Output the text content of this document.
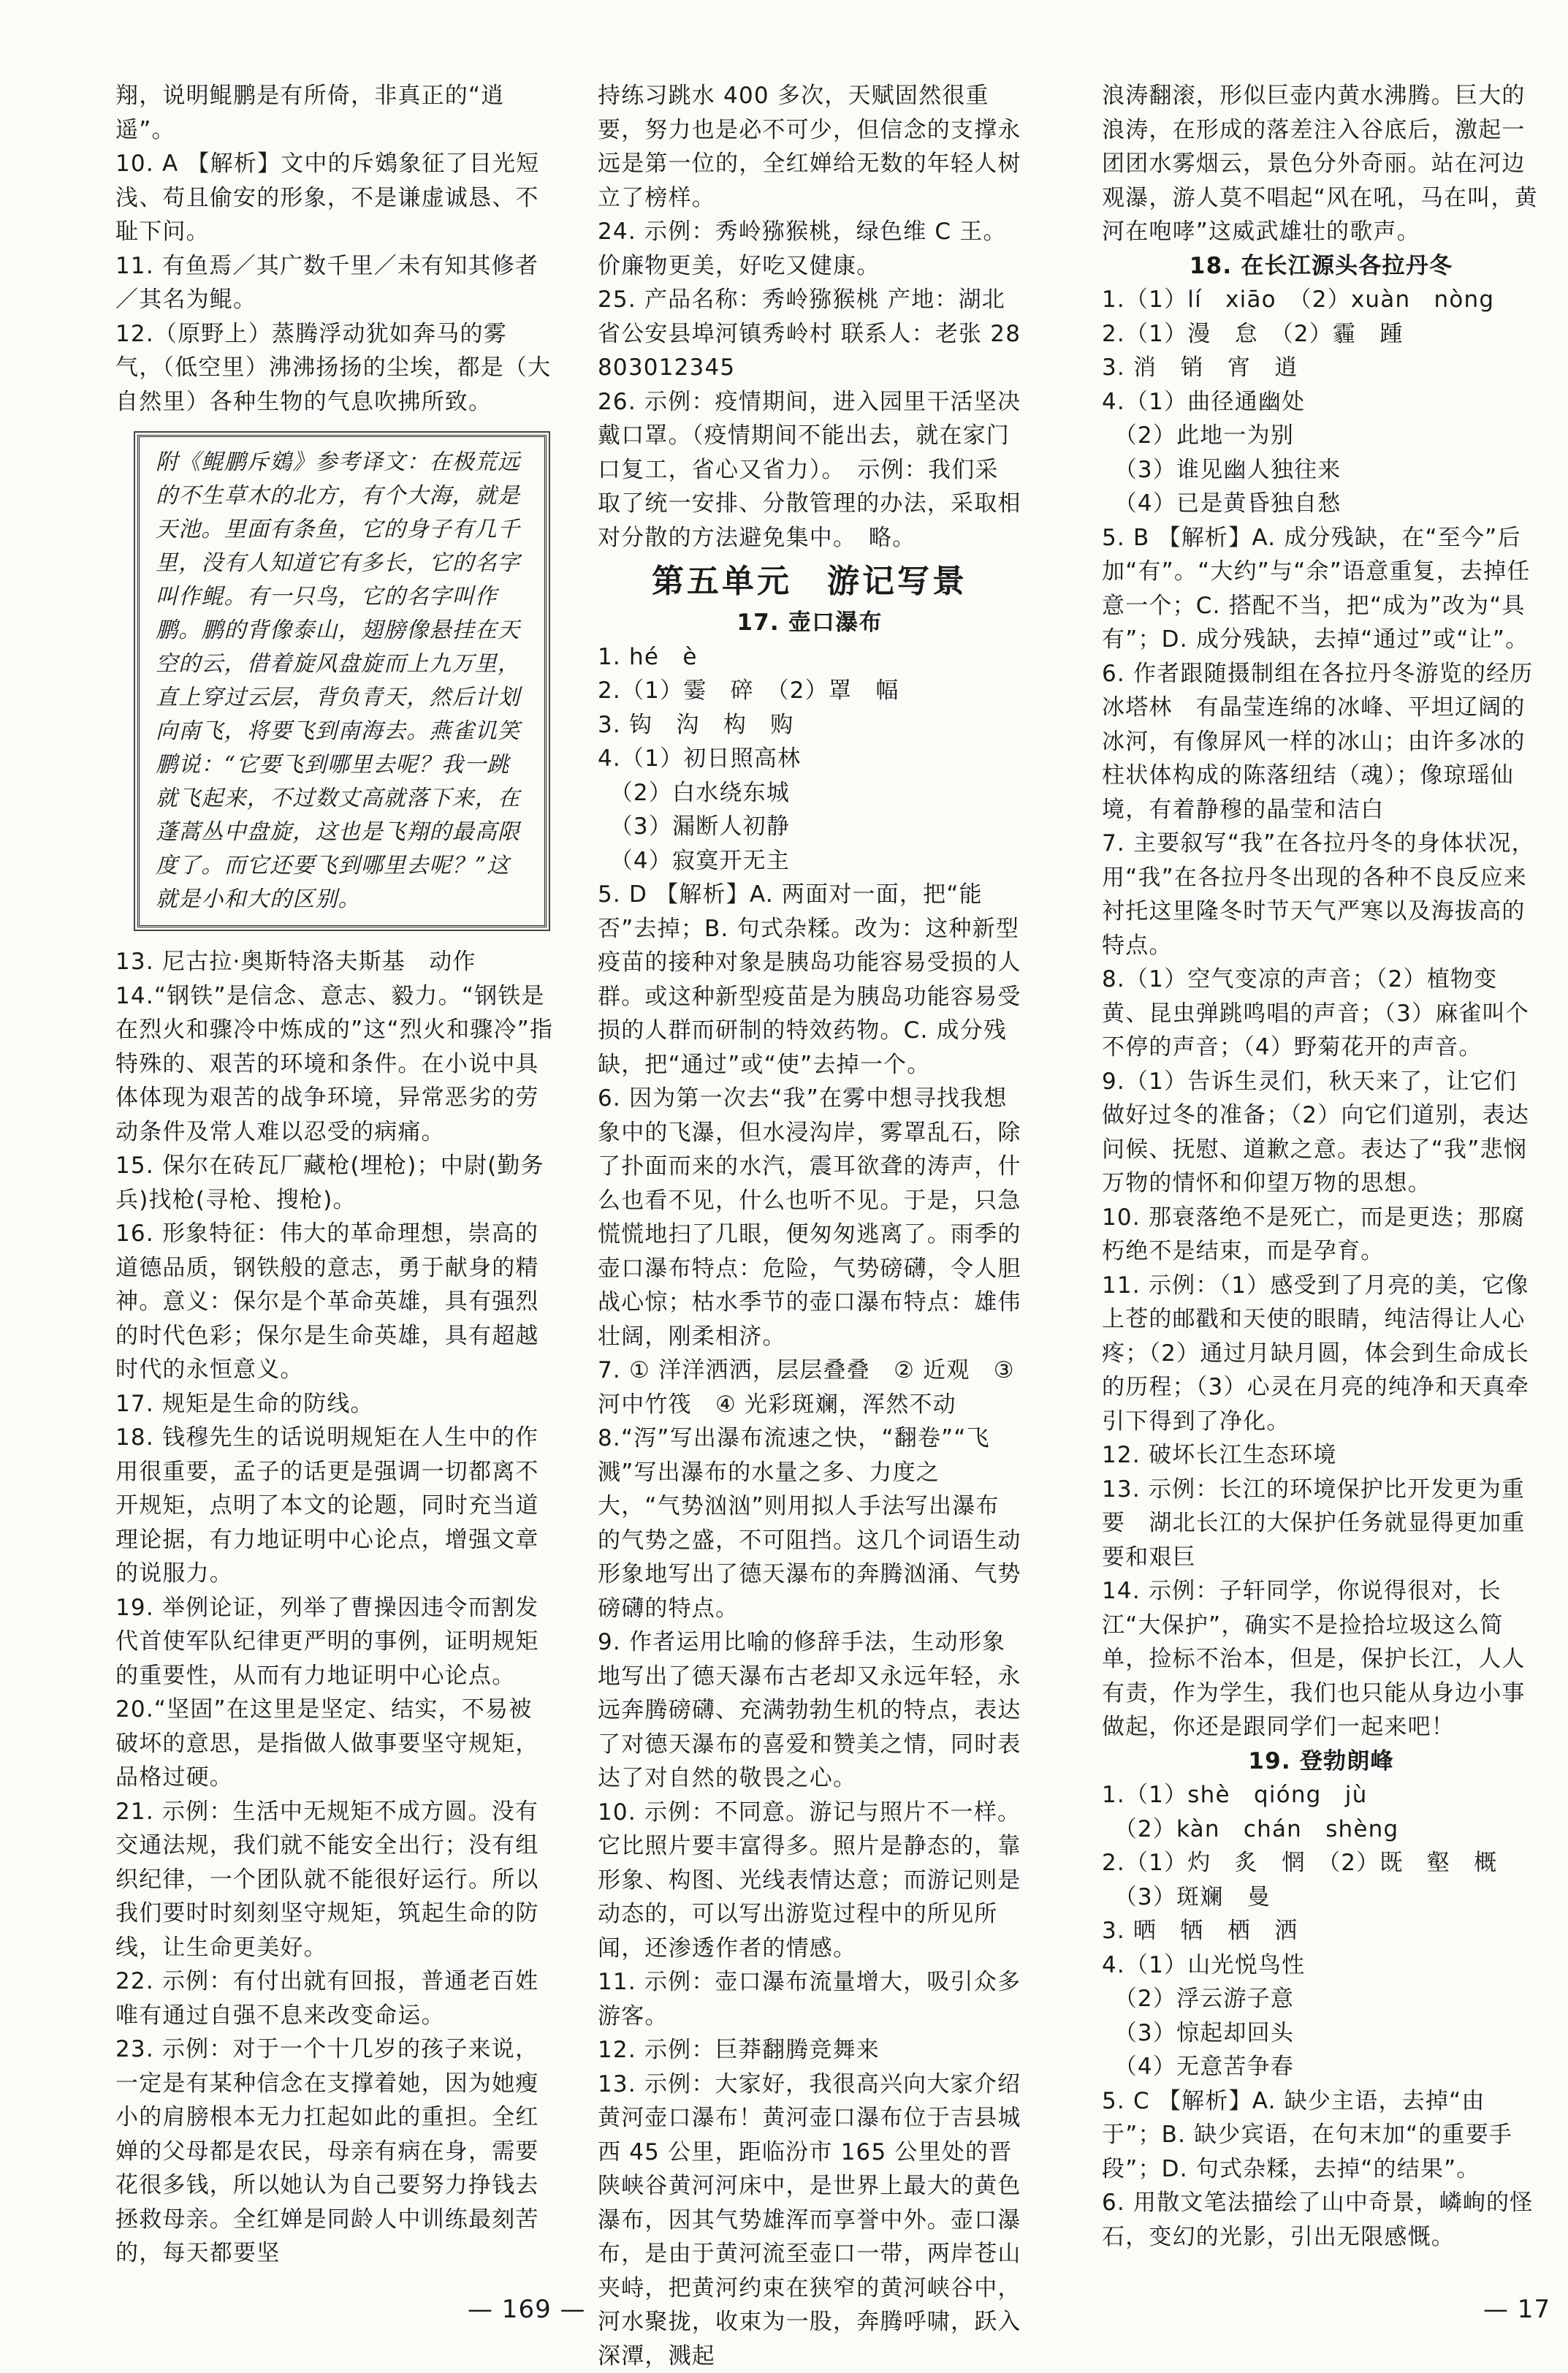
翔，说明鲲鹏是有所倚，非真正的“逍遥”。

10. A 【解析】文中的斥鴳象征了目光短浅、苟且偷安的形象，不是谦虚诚恳、不耻下问。

11. 有鱼焉／其广数千里／未有知其修者／其名为鲲。

12.（原野上）蒸腾浮动犹如奔马的雾气，（低空里）沸沸扬扬的尘埃，都是（大自然里）各种生物的气息吹拂所致。

附《鲲鹏斥鴳》参考译文：在极荒远的不生草木的北方，有个大海，就是天池。里面有条鱼，它的身子有几千里，没有人知道它有多长，它的名字叫作鲲。有一只鸟，它的名字叫作鹏。鹏的背像泰山，翅膀像悬挂在天空的云，借着旋风盘旋而上九万里，直上穿过云层，背负青天，然后计划向南飞，将要飞到南海去。燕雀讥笑鹏说：“它要飞到哪里去呢？我一跳就飞起来，不过数丈高就落下来，在蓬蒿丛中盘旋，这也是飞翔的最高限度了。而它还要飞到哪里去呢？”这就是小和大的区别。

13. 尼古拉·奥斯特洛夫斯基　动作

14.“钢铁”是信念、意志、毅力。“钢铁是在烈火和骤冷中炼成的”这“烈火和骤冷”指特殊的、艰苦的环境和条件。在小说中具体体现为艰苦的战争环境，异常恶劣的劳动条件及常人难以忍受的病痛。

15. 保尔在砖瓦厂藏枪(埋枪)；中尉(勤务兵)找枪(寻枪、搜枪)。

16. 形象特征：伟大的革命理想，崇高的道德品质，钢铁般的意志，勇于献身的精神。意义：保尔是个革命英雄，具有强烈的时代色彩；保尔是生命英雄，具有超越时代的永恒意义。

17. 规矩是生命的防线。

18. 钱穆先生的话说明规矩在人生中的作用很重要，孟子的话更是强调一切都离不开规矩，点明了本文的论题，同时充当道理论据，有力地证明中心论点，增强文章的说服力。

19. 举例论证，列举了曹操因违令而割发代首使军队纪律更严明的事例，证明规矩的重要性，从而有力地证明中心论点。

20.“坚固”在这里是坚定、结实，不易被破坏的意思，是指做人做事要坚守规矩，品格过硬。

21. 示例：生活中无规矩不成方圆。没有交通法规，我们就不能安全出行；没有组织纪律，一个团队就不能很好运行。所以我们要时时刻刻坚守规矩，筑起生命的防线，让生命更美好。

22. 示例：有付出就有回报，普通老百姓唯有通过自强不息来改变命运。

23. 示例：对于一个十几岁的孩子来说，一定是有某种信念在支撑着她，因为她瘦小的肩膀根本无力扛起如此的重担。全红婵的父母都是农民，母亲有病在身，需要花很多钱，所以她认为自己要努力挣钱去拯救母亲。全红婵是同龄人中训练最刻苦的，每天都要坚

持练习跳水 400 多次，天赋固然很重要，努力也是必不可少，但信念的支撑永远是第一位的，全红婵给无数的年轻人树立了榜样。

24. 示例：秀岭猕猴桃，绿色维 C 王。价廉物更美，好吃又健康。

25. 产品名称：秀岭猕猴桃 产地：湖北省公安县埠河镇秀岭村 联系人：老张 28803012345

26. 示例：疫情期间，进入园里干活坚决戴口罩。（疫情期间不能出去，就在家门口复工，省心又省力）。　示例：我们采取了统一安排、分散管理的办法，采取相对分散的方法避免集中。　略。

第五单元　游记写景
17. 壶口瀑布

1. hé　è

2.（1）霎　碎　（2）罩　幅

3. 钩　沟　构　购

4.（1）初日照高林

　（2）白水绕东城

　（3）漏断人初静

　（4）寂寞开无主

5. D 【解析】A. 两面对一面，把“能否”去掉；B. 句式杂糅。改为：这种新型疫苗的接种对象是胰岛功能容易受损的人群。或这种新型疫苗是为胰岛功能容易受损的人群而研制的特效药物。C. 成分残缺，把“通过”或“使”去掉一个。

6. 因为第一次去“我”在雾中想寻找我想象中的飞瀑，但水浸沟岸，雾罩乱石，除了扑面而来的水汽，震耳欲聋的涛声，什么也看不见，什么也听不见。于是，只急慌慌地扫了几眼，便匆匆逃离了。雨季的壶口瀑布特点：危险，气势磅礴，令人胆战心惊；枯水季节的壶口瀑布特点：雄伟壮阔，刚柔相济。

7. ① 洋洋洒洒，层层叠叠　② 近观　③ 河中竹筏　④ 光彩斑斓，浑然不动

8.“泻”写出瀑布流速之快，“翻卷”“飞溅”写出瀑布的水量之多、力度之大，“气势汹汹”则用拟人手法写出瀑布的气势之盛，不可阻挡。这几个词语生动形象地写出了德天瀑布的奔腾汹涌、气势磅礴的特点。

9. 作者运用比喻的修辞手法，生动形象地写出了德天瀑布古老却又永远年轻，永远奔腾磅礴、充满勃勃生机的特点，表达了对德天瀑布的喜爱和赞美之情，同时表达了对自然的敬畏之心。

10. 示例：不同意。游记与照片不一样。它比照片要丰富得多。照片是静态的，靠形象、构图、光线表情达意；而游记则是动态的，可以写出游览过程中的所见所闻，还渗透作者的情感。

11. 示例：壶口瀑布流量增大，吸引众多游客。

12. 示例：巨莽翻腾竞舞来

13. 示例：大家好，我很高兴向大家介绍黄河壶口瀑布！黄河壶口瀑布位于吉县城西 45 公里，距临汾市 165 公里处的晋陕峡谷黄河河床中，是世界上最大的黄色瀑布，因其气势雄浑而享誉中外。壶口瀑布，是由于黄河流至壶口一带，两岸苍山夹峙，把黄河约束在狭窄的黄河峡谷中，河水聚拢，收束为一股，奔腾呼啸，跃入深潭，溅起

浪涛翻滚，形似巨壶内黄水沸腾。巨大的浪涛，在形成的落差注入谷底后，激起一团团水雾烟云，景色分外奇丽。站在河边观瀑，游人莫不唱起“风在吼，马在叫，黄河在咆哮”这威武雄壮的歌声。

18. 在长江源头各拉丹冬

1.（1）lí　xiāo　（2）xuàn　nòng

2.（1）漫　怠　（2）霾　踵

3. 消　销　宵　逍

4.（1）曲径通幽处

　（2）此地一为别

　（3）谁见幽人独往来

　（4）已是黄昏独自愁

5. B 【解析】A. 成分残缺，在“至今”后加“有”。“大约”与“余”语意重复，去掉任意一个；C. 搭配不当，把“成为”改为“具有”；D. 成分残缺，去掉“通过”或“让”。

6. 作者跟随摄制组在各拉丹冬游览的经历　冰塔林　有晶莹连绵的冰峰、平坦辽阔的冰河，有像屏风一样的冰山；由许多冰的柱状体构成的陈落纽结（魂）；像琼瑶仙境，有着静穆的晶莹和洁白

7. 主要叙写“我”在各拉丹冬的身体状况，用“我”在各拉丹冬出现的各种不良反应来衬托这里隆冬时节天气严寒以及海拔高的特点。

8.（1）空气变凉的声音；（2）植物变黄、昆虫弹跳鸣唱的声音；（3）麻雀叫个不停的声音；（4）野菊花开的声音。

9.（1）告诉生灵们，秋天来了，让它们做好过冬的准备；（2）向它们道别，表达问候、抚慰、道歉之意。表达了“我”悲悯万物的情怀和仰望万物的思想。

10. 那衰落绝不是死亡，而是更迭；那腐朽绝不是结束，而是孕育。

11. 示例：（1）感受到了月亮的美，它像上苍的邮戳和天使的眼睛，纯洁得让人心疼；（2）通过月缺月圆，体会到生命成长的历程；（3）心灵在月亮的纯净和天真牵引下得到了净化。

12. 破坏长江生态环境

13. 示例：长江的环境保护比开发更为重要　湖北长江的大保护任务就显得更加重要和艰巨

14. 示例：子轩同学，你说得很对，长江“大保护”，确实不是捡拾垃圾这么简单，捡标不治本，但是，保护长江，人人有责，作为学生，我们也只能从身边小事做起，你还是跟同学们一起来吧！

19. 登勃朗峰

1.（1）shè　qióng　jù

　（2）kàn　chán　shèng

2.（1）灼　炙　惘　（2）既　壑　概

　（3）斑斓　曼

3. 晒　牺　栖　洒

4.（1）山光悦鸟性

　（2）浮云游子意

　（3）惊起却回头

　（4）无意苦争春

5. C 【解析】A. 缺少主语，去掉“由于”；B. 缺少宾语，在句末加“的重要手段”；D. 句式杂糅，去掉“的结果”。

6. 用散文笔法描绘了山中奇景，嶙峋的怪石，变幻的光影，引出无限感慨。

— 169 —	— 17
